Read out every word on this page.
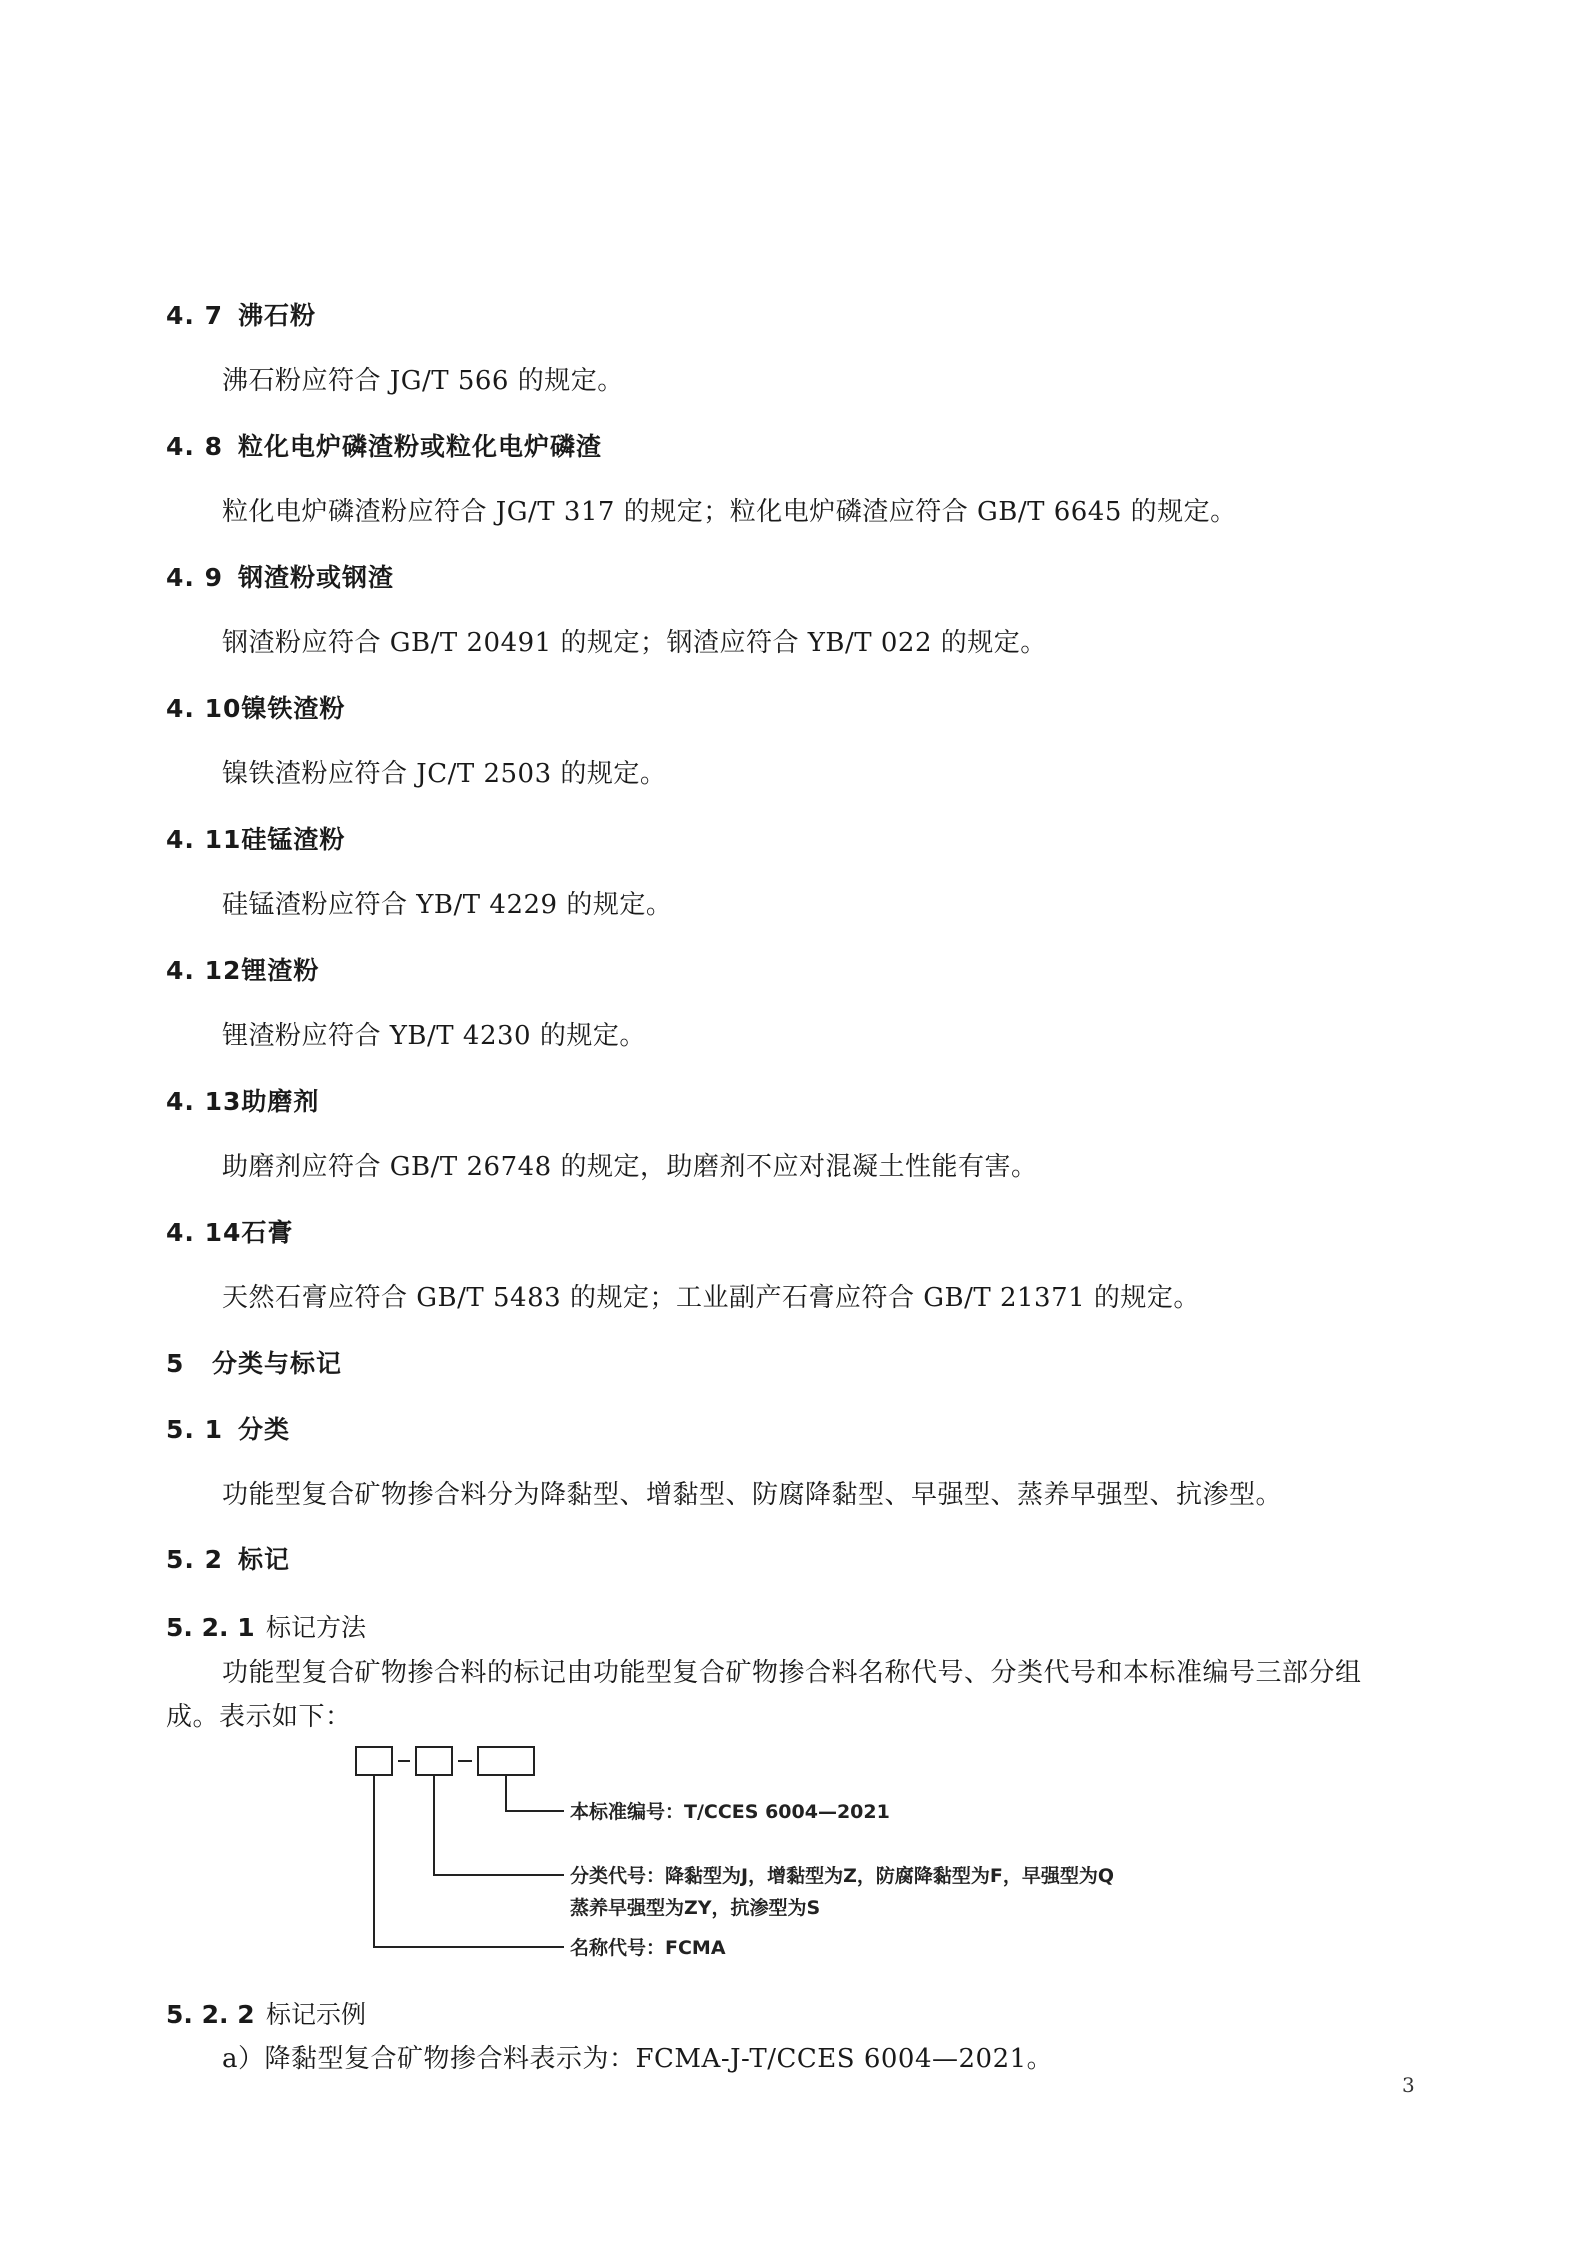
4. 7 沸石粉
沸石粉应符合 JG/T 566 的规定。
4. 8 粒化电炉磷渣粉或粒化电炉磷渣
粒化电炉磷渣粉应符合 JG/T 317 的规定；粒化电炉磷渣应符合 GB/T 6645 的规定。
4. 9 钢渣粉或钢渣
钢渣粉应符合 GB/T 20491 的规定；钢渣应符合 YB/T 022 的规定。
4. 10镍铁渣粉
镍铁渣粉应符合 JC/T 2503 的规定。
4. 11硅锰渣粉
硅锰渣粉应符合 YB/T 4229 的规定。
4. 12锂渣粉
锂渣粉应符合 YB/T 4230 的规定。
4. 13助磨剂
助磨剂应符合 GB/T 26748 的规定，助磨剂不应对混凝土性能有害。
4. 14石膏
天然石膏应符合 GB/T 5483 的规定；工业副产石膏应符合 GB/T 21371 的规定。
5 分类与标记
5. 1 分类
功能型复合矿物掺合料分为降黏型、增黏型、防腐降黏型、早强型、蒸养早强型、抗渗型。
5. 2 标记
5. 2. 1 标记方法
功能型复合矿物掺合料的标记由功能型复合矿物掺合料名称代号、分类代号和本标准编号三部分组
成。表示如下：
本标准编号：T/CCES 6004—2021
分类代号：降黏型为J，增黏型为Z，防腐降黏型为F，早强型为Q
蒸养早强型为ZY，抗渗型为S
名称代号：FCMA
5. 2. 2 标记示例
a）降黏型复合矿物掺合料表示为：FCMA-J-T/CCES 6004—2021。
3
